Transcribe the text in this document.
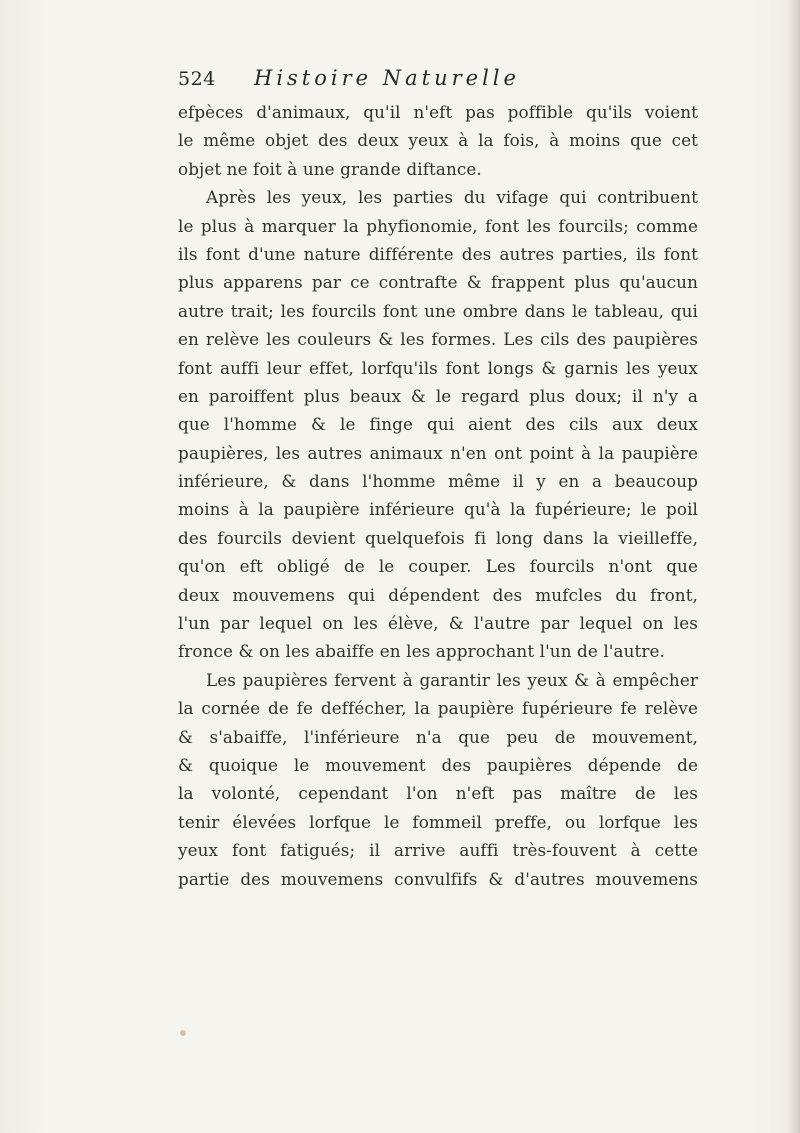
524	Histoire Naturelle
efpèces d'animaux, qu'il n'eft pas poffible qu'ils voient
le même objet des deux yeux à la fois, à moins que cet
objet ne foit à une grande diftance.
Après les yeux, les parties du vifage qui contribuent
le plus à marquer la phyfionomie, font les fourcils; comme
ils font d'une nature différente des autres parties, ils font
plus apparens par ce contrafte & frappent plus qu'aucun
autre trait; les fourcils font une ombre dans le tableau, qui
en relève les couleurs & les formes. Les cils des paupières
font auffi leur effet, lorfqu'ils font longs & garnis les yeux
en paroiffent plus beaux & le regard plus doux; il n'y a
que l'homme & le finge qui aient des cils aux deux
paupières, les autres animaux n'en ont point à la paupière
inférieure, & dans l'homme même il y en a beaucoup
moins à la paupière inférieure qu'à la fupérieure; le poil
des fourcils devient quelquefois fi long dans la vieilleffe,
qu'on eft obligé de le couper. Les fourcils n'ont que
deux mouvemens qui dépendent des mufcles du front,
l'un par lequel on les élève, & l'autre par lequel on les
fronce & on les abaiffe en les approchant l'un de l'autre.
Les paupières fervent à garantir les yeux & à empêcher
la cornée de fe deffécher, la paupière fupérieure fe relève
& s'abaiffe, l'inférieure n'a que peu de mouvement,
& quoique le mouvement des paupières dépende de
la volonté, cependant l'on n'eft pas maître de les
tenir élevées lorfque le fommeil preffe, ou lorfque les
yeux font fatigués; il arrive auffi très-fouvent à cette
partie des mouvemens convulfifs & d'autres mouvemens
